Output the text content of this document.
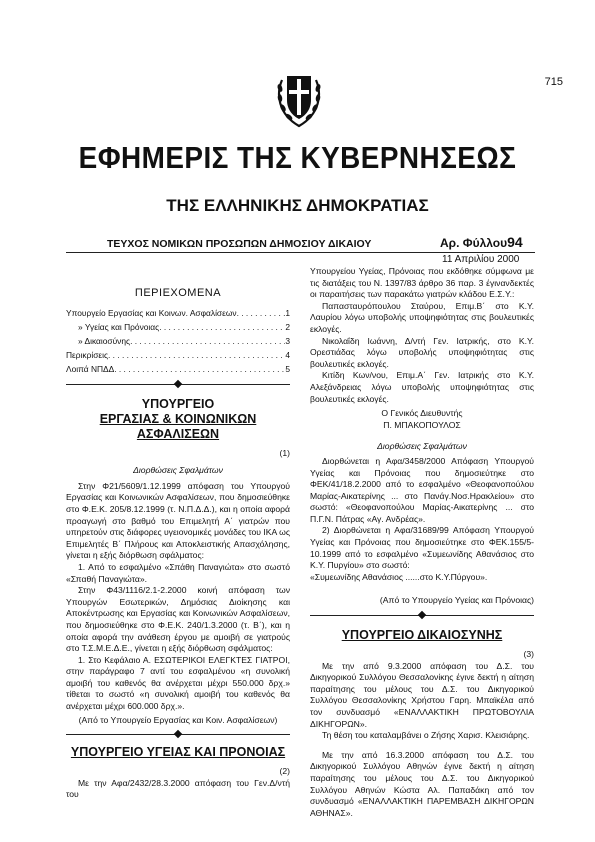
715
ΕΦΗΜΕΡΙΣ ΤΗΣ ΚΥΒΕΡΝΗΣΕΩΣ
ΤΗΣ ΕΛΛΗΝΙΚΗΣ ΔΗΜΟΚΡΑΤΙΑΣ
ΤΕΥΧΟΣ ΝΟΜΙΚΩΝ ΠΡΟΣΩΠΩΝ ΔΗΜΟΣΙΟΥ ΔΙΚΑΙΟΥ	Αρ. Φύλλου94
11 Απριλίου 2000
ΠΕΡΙΕΧΟΜΕΝΑ
Υπουργείο Εργασίας και Κοινων. Ασφαλίσεων . . .	1
» Υγείας και Πρόνοιας . . .	2
» Δικαιοσύνης . . .	3
Περικρίσεις . . .	4
Λοιπά ΝΠΔΔ . . .	5
ΥΠΟΥΡΓΕΙΟ
ΕΡΓΑΣΙΑΣ & ΚΟΙΝΩΝΙΚΩΝ ΑΣΦΑΛΙΣΕΩΝ
(1)
Διορθώσεις Σφαλμάτων

Στην Φ21/5609/1.12.1999 απόφαση του Υπουργού Εργασίας και Κοινωνικών Ασφαλίσεων, που δημοσιεύθηκε στο Φ.Ε.Κ. 205/8.12.1999 (τ. Ν.Π.Δ.Δ.), και η οποία αφορά προαγωγή στο βαθμό του Επιμελητή Α΄ γιατρών που υπηρετούν στις διάφορες υγειονομικές μονάδες του ΙΚΑ ως Επιμελητές Β΄ Πλήρους και Αποκλειστικής Απασχόλησης, γίνεται η εξής διόρθωση σφάλματος:

1. Από το εσφαλμένο «Σπάθη Παναγιώτα» στο σωστό «Σπαθή Παναγιώτα».

Στην Φ43/1116/2.1-2.2000 κοινή απόφαση των Υπουργών Εσωτερικών, Δημόσιας Διοίκησης και Αποκέντρωσης και Εργασίας και Κοινωνικών Ασφαλίσεων, που δημοσιεύθηκε στο Φ.Ε.Κ. 240/1.3.2000 (τ. Β΄), και η οποία αφορά την ανάθεση έργου με αμοιβή σε γιατρούς στο Τ.Σ.Μ.Ε.Δ.Ε., γίνεται η εξής διόρθωση σφάλματος:

1. Στο Κεφάλαιο Α. ΕΣΩΤΕΡΙΚΟΙ ΕΛΕΓΚΤΕΣ ΓΙΑΤΡΟΙ, στην παράγραφο 7 αντί του εσφαλμένου «η συνολική αμοιβή του καθενός θα ανέρχεται μέχρι 550.000 δρχ.» τίθεται το σωστό «η συνολική αμοιβή του καθενός θα ανέρχεται μέχρι 600.000 δρχ.».

(Από το Υπουργείο Εργασίας και Κοιν. Ασφαλίσεων)
ΥΠΟΥΡΓΕΙΟ ΥΓΕΙΑΣ ΚΑΙ ΠΡΟΝΟΙΑΣ
(2)

Με την Αφα/2432/28.3.2000 απόφαση του Γεν.Δ/ντή του

Υπουργείου Υγείας, Πρόνοιας που εκδόθηκε σύμφωνα με τις διατάξεις του Ν. 1397/83 άρθρο 36 παρ. 3 έγινανδεκτές οι παραιτήσεις των παρακάτω γιατρών κλάδου Ε.Σ.Υ.:

Παπασταυρόπουλου Σταύρου, Επιμ.Β΄ στο Κ.Υ. Λαυρίου λόγω υποβολής υποψηφιότητας στις βουλευτικές εκλογές.

Νικολαΐδη Ιωάννη, Δ/ντή Γεν. Ιατρικής, στο Κ.Υ. Ορεστιάδας λόγω υποβολής υποψηφιότητας στις βουλευτικές εκλογές.

Κιτίδη Κων/νου, Επιμ.Α΄ Γεν. Ιατρικής στο Κ.Υ. Αλεξάνδρειας λόγω υποβολής υποψηφιότητας στις βουλευτικές εκλογές.

Ο Γενικός Διευθυντής
Π. ΜΠΑΚΟΠΟΥΛΟΣ
Διορθώσεις Σφαλμάτων

Διορθώνεται η Αφα/3458/2000 Απόφαση Υπουργού Υγείας και Πρόνοιας που δημοσιεύτηκε στο ΦΕΚ/41/18.2.2000 από το εσφαλμένο «Θεοφανοπούλου Μαρίας-Αικατερίνης ... στο Πανάγ.Νοσ.Ηρακλείου» στο σωστό: «Θεοφανοπούλου Μαρίας-Αικατερίνης ... στο Π.Γ.Ν. Πάτρας «Αγ. Ανδρέας».

2) Διορθώνεται η Αφα/31689/99 Απόφαση Υπουργού Υγείας και Πρόνοιας που δημοσιεύτηκε στο ΦΕΚ.155/5-10.1999 από το εσφαλμένο «Συμεωνίδης Αθανάσιος στο Κ.Υ. Πυργίου» στο σωστό:

«Συμεωνίδης Αθανάσιος ......στο Κ.Υ.Πύργου».

(Από το Υπουργείο Υγείας και Πρόνοιας)
ΥΠΟΥΡΓΕΙΟ ΔΙΚΑΙΟΣΥΝΗΣ
(3)

Με την από 9.3.2000 απόφαση του Δ.Σ. του Δικηγορικού Συλλόγου Θεσσαλονίκης έγινε δεκτή η αίτηση παραίτησης του μέλους του Δ.Σ. του Δικηγορικού Συλλόγου Θεσσαλονίκης Χρήστου Γαρη. Μπαϊκέλα από τον συνδυασμό «ΕΝΑΛΛΑΚΤΙΚΗ ΠΡΩΤΟΒΟΥΛΙΑ ΔΙΚΗΓΟΡΩΝ».

Τη θέση του καταλαμβάνει ο Ζήσης Χαρισ. Κλεισιάρης.

Με την από 16.3.2000 απόφαση του Δ.Σ. του Δικηγορικού Συλλόγου Αθηνών έγινε δεκτή η αίτηση παραίτησης του μέλους του Δ.Σ. του Δικηγορικού Συλλόγου Αθηνών Κώστα Αλ. Παπαδάκη από τον συνδυασμό «ΕΝΑΛΛΑΚΤΙΚΗ ΠΑΡΕΜΒΑΣΗ ΔΙΚΗΓΟΡΩΝ ΑΘΗΝΑΣ».
